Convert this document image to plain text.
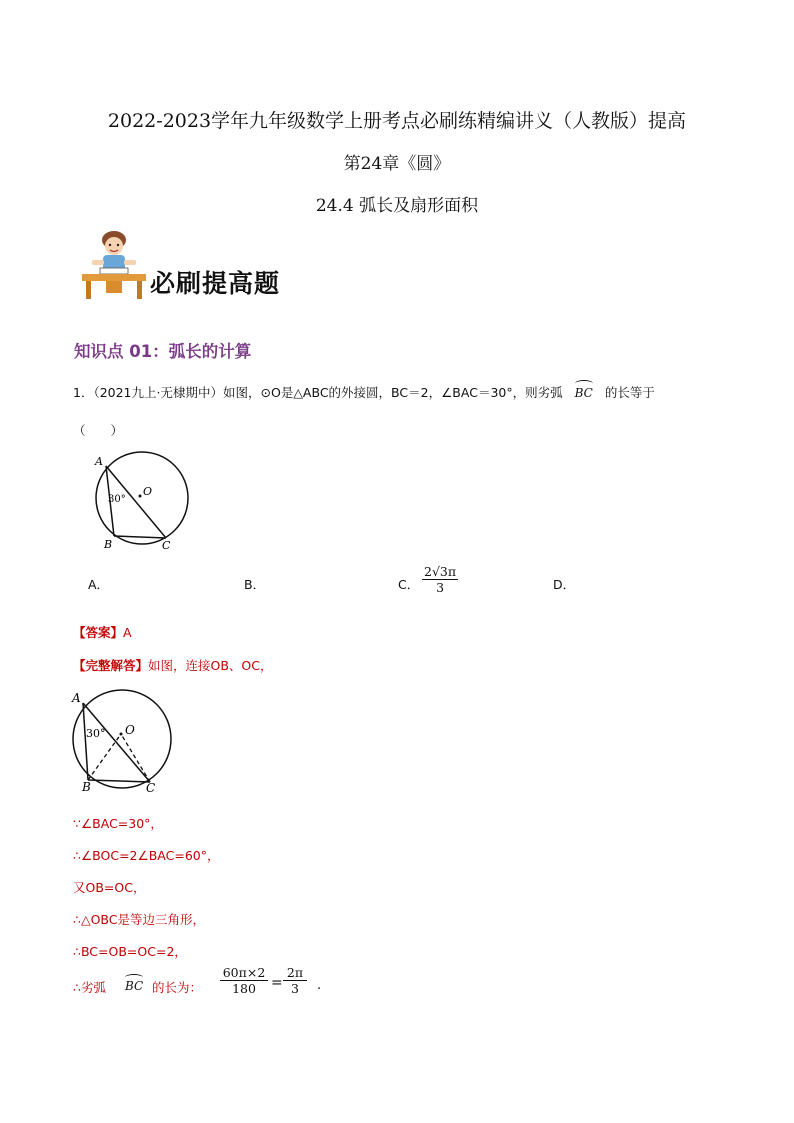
2022-2023学年九年级数学上册考点必刷练精编讲义（人教版）提高
第24章《圆》
24.4 弧长及扇形面积
必刷提高题
知识点 01：弧长的计算
1．（2021九上·无棣期中）如图，⊙O是△ABC的外接圆，BC＝2，∠BAC＝30°，则劣弧 BC 的长等于
（　　）
A
B	C
O
30°
A．	B．	C． $\frac{2√3\pi}{3}$	D．
【答案】A
【完整解答】如图，连接OB、OC，
A
B	C
O
30°
∵∠BAC=30°，
∴∠BOC=2∠BAC=60°，
又OB=OC，
∴△OBC是等边三角形，
∴BC=OB=OC=2，
∴劣弧 BC 的长为： $\frac{60\pi\times 2}{180} = \frac{2\pi}{3}$ .
